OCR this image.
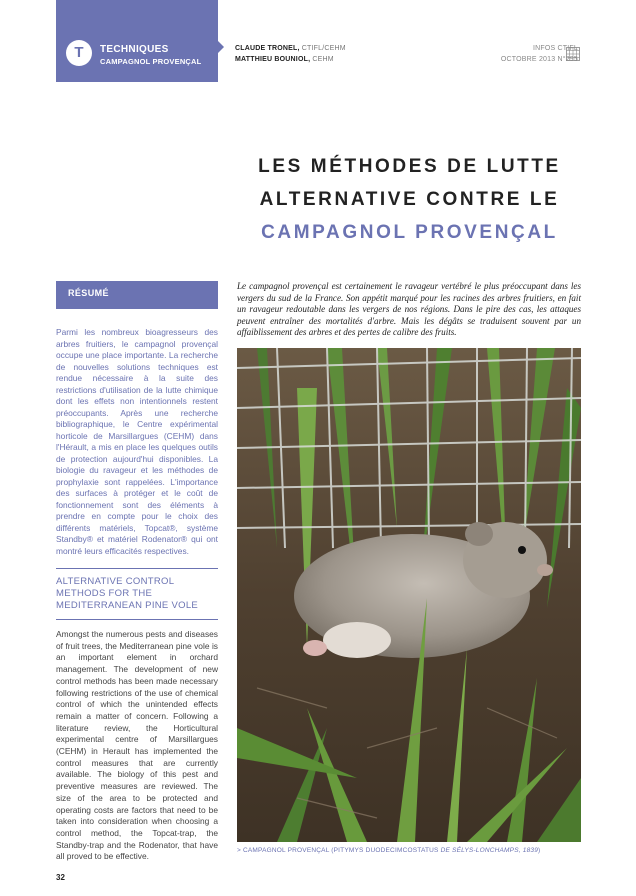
T	TECHNIQUES
CAMPAGNOL PROVENÇAL
CLAUDE TRONEL, CTIFL/CEHM
MATTHIEU BOUNIOL, CEHM
INFOS CTIFL
OCTOBRE 2013 N°295
LES MÉTHODES DE LUTTE
ALTERNATIVE CONTRE LE
CAMPAGNOL PROVENÇAL
RÉSUMÉ

Parmi les nombreux bioagresseurs des arbres fruitiers, le campagnol provençal occupe une place importante. La recherche de nouvelles solutions techniques est rendue nécessaire à la suite des restrictions d'utilisation de la lutte chimique dont les effets non intentionnels restent préoccupants. Après une recherche bibliographique, le Centre expérimental horticole de Marsillargues (CEHM) dans l'Hérault, a mis en place les quelques outils de protection aujourd'hui disponibles. La biologie du ravageur et les méthodes de prophylaxie sont rappelées. L'importance des surfaces à protéger et le coût de fonctionnement sont des éléments à prendre en compte pour le choix des différents matériels, Topcat®, système Standby® et matériel Rodenator® qui ont montré leurs efficacités respectives.

ALTERNATIVE CONTROL METHODS FOR THE MEDITERRANEAN PINE VOLE

Amongst the numerous pests and diseases of fruit trees, the Mediterranean pine vole is an important element in orchard management. The development of new control methods has been made necessary following restrictions of the use of chemical control of which the unintended effects remain a matter of concern. Following a literature review, the Horticultural experimental centre of Marsillargues (CEHM) in Herault has implemented the control measures that are currently available. The biology of this pest and preventive measures are reviewed. The size of the area to be protected and operating costs are factors that need to be taken into consideration when choosing a control method, the Topcat-trap, the Standby-trap and the Rodenator, that have all proved to be effective.

Le campagnol provençal est certainement le ravageur vertébré le plus préoccupant dans les vergers du sud de la France. Son appétit marqué pour les racines des arbres fruitiers, en fait un ravageur redoutable dans les vergers de nos régions. Dans le pire des cas, les attaques peuvent entraîner des mortalités d'arbre. Mais les dégâts se traduisent souvent par un affaiblissement des arbres et des pertes de calibre des fruits.

> CAMPAGNOL PROVENÇAL (PITYMYS DUODECIMCOSTATUS DE SÉLYS-LONCHAMPS, 1839)
32
